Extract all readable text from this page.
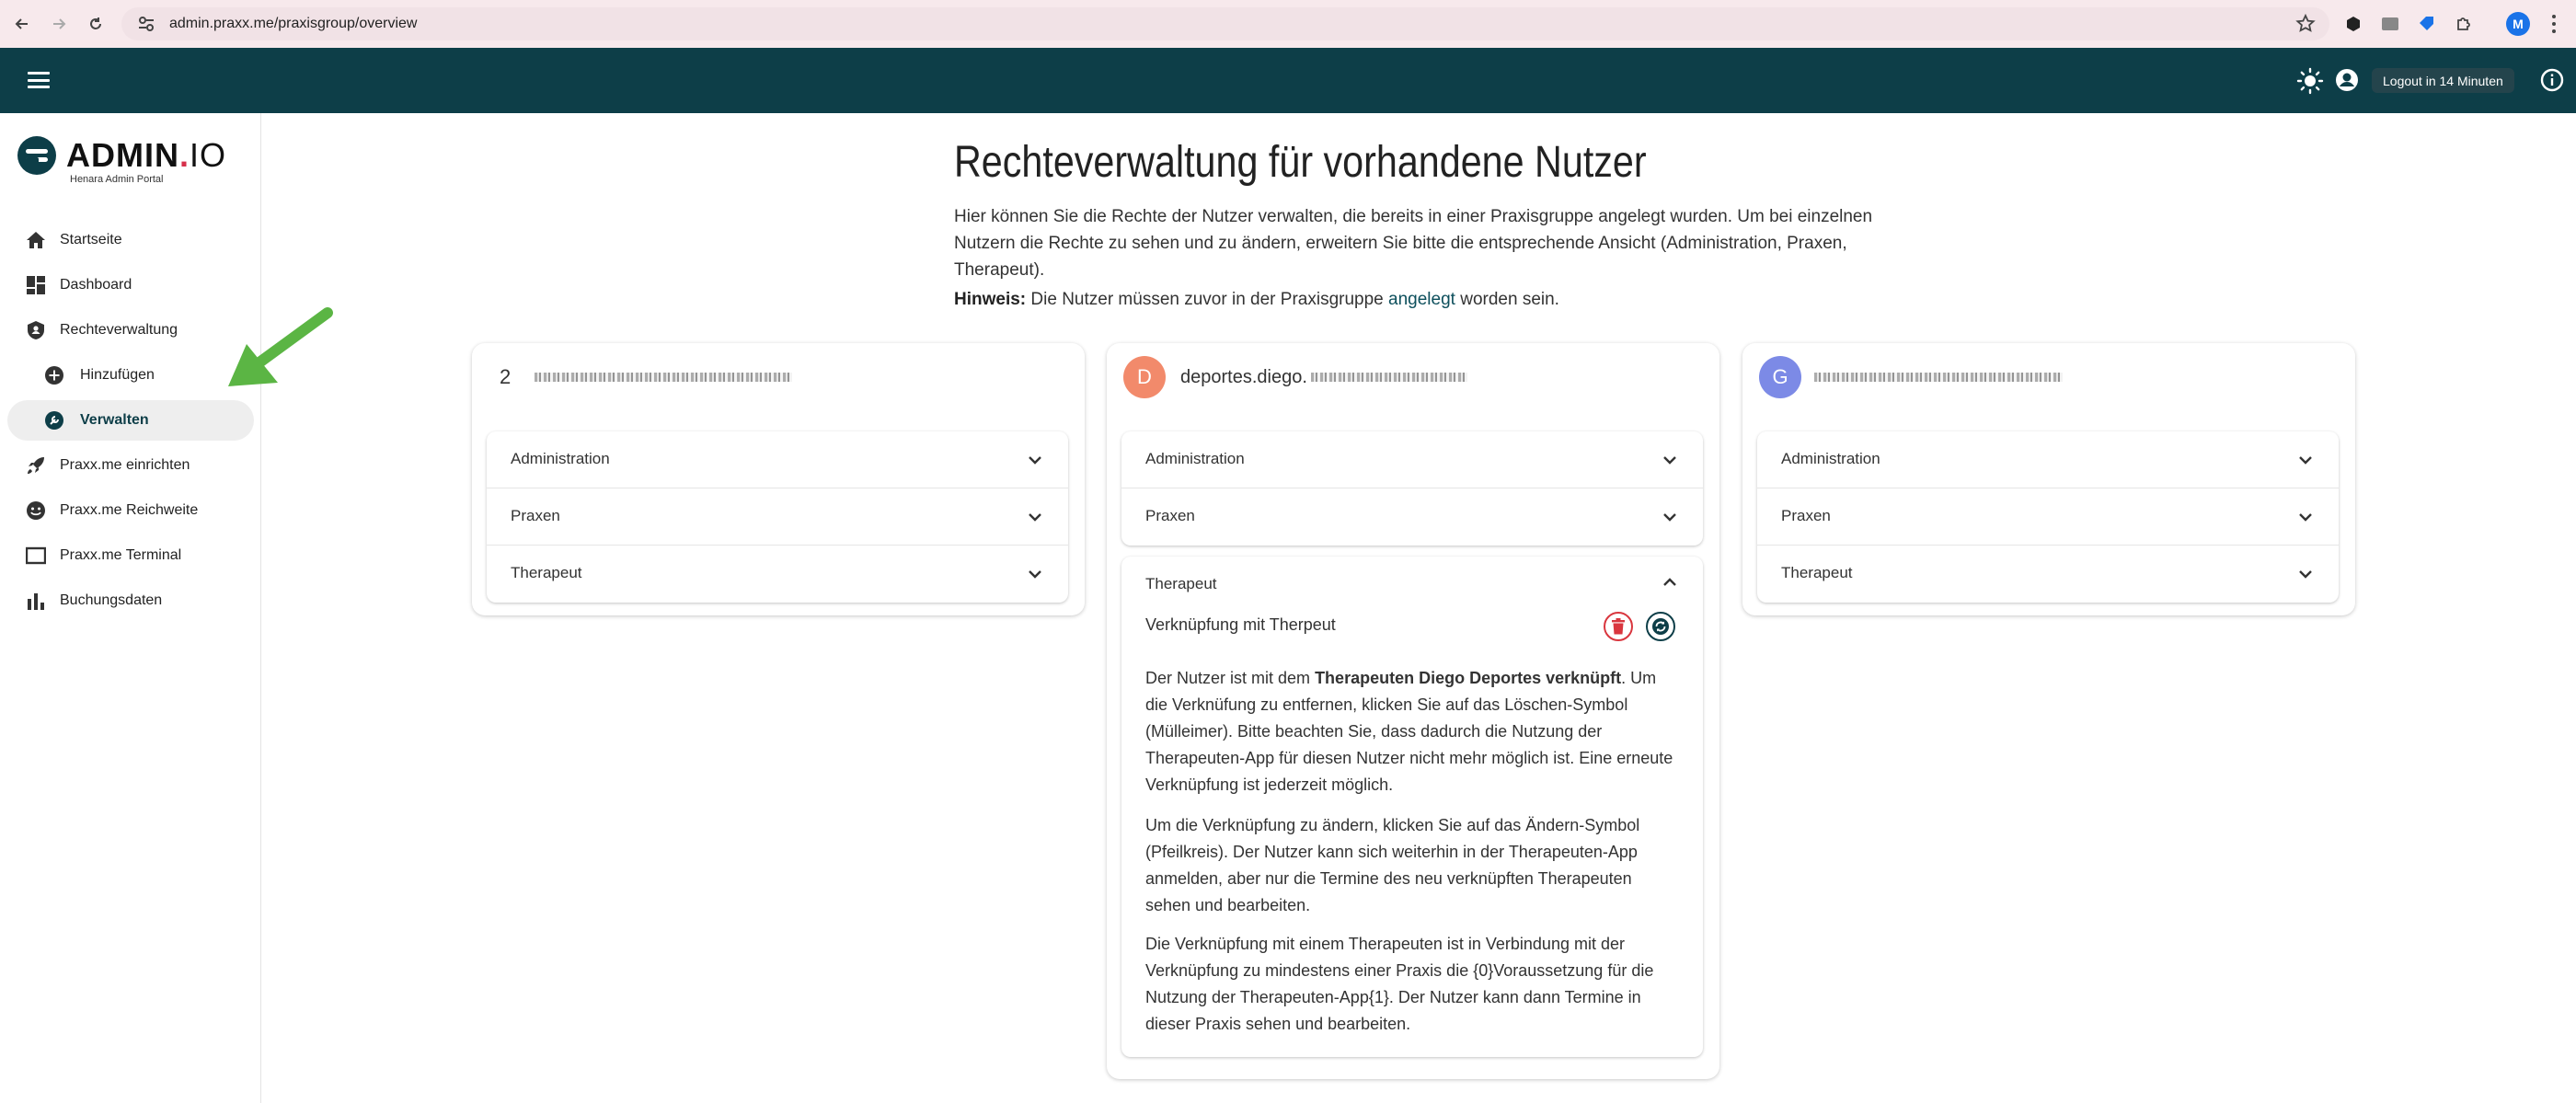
admin.praxx.me/praxisgroup/overview	M
Logout in 14 Minuten
ADMIN.IO
Henara Admin Portal
Startseite
Dashboard
Rechteverwaltung
Hinzufügen
Verwalten
Praxx.me einrichten
Praxx.me Reichweite
Praxx.me Terminal
Buchungsdaten
Rechteverwaltung für vorhandene Nutzer

Hier können Sie die Rechte der Nutzer verwalten, die bereits in einer Praxisgruppe angelegt wurden. Um bei einzelnen Nutzern die Rechte zu sehen und zu ändern, erweitern Sie bitte die entsprechende Ansicht (Administration, Praxen, Therapeut).

Hinweis: Die Nutzer müssen zuvor in der Praxisgruppe angelegt worden sein.

2
Administration
Praxen
Therapeut
D	deportes.diego.
Administration
Praxen
Therapeut
Verknüpfung mit Therpeut

Der Nutzer ist mit dem Therapeuten Diego Deportes verknüpft. Um die Verknüfung zu entfernen, klicken Sie auf das Löschen-Symbol (Mülleimer). Bitte beachten Sie, dass dadurch die Nutzung der Therapeuten-App für diesen Nutzer nicht mehr möglich ist. Eine erneute Verknüpfung ist jederzeit möglich.

Um die Verknüpfung zu ändern, klicken Sie auf das Ändern-Symbol (Pfeilkreis). Der Nutzer kann sich weiterhin in der Therapeuten-App anmelden, aber nur die Termine des neu verknüpften Therapeuten sehen und bearbeiten.

Die Verknüpfung mit einem Therapeuten ist in Verbindung mit der Verknüpfung zu mindestens einer Praxis die {0}Voraussetzung für die Nutzung der Therapeuten-App{1}. Der Nutzer kann dann Termine in dieser Praxis sehen und bearbeiten.

G
Administration
Praxen
Therapeut
